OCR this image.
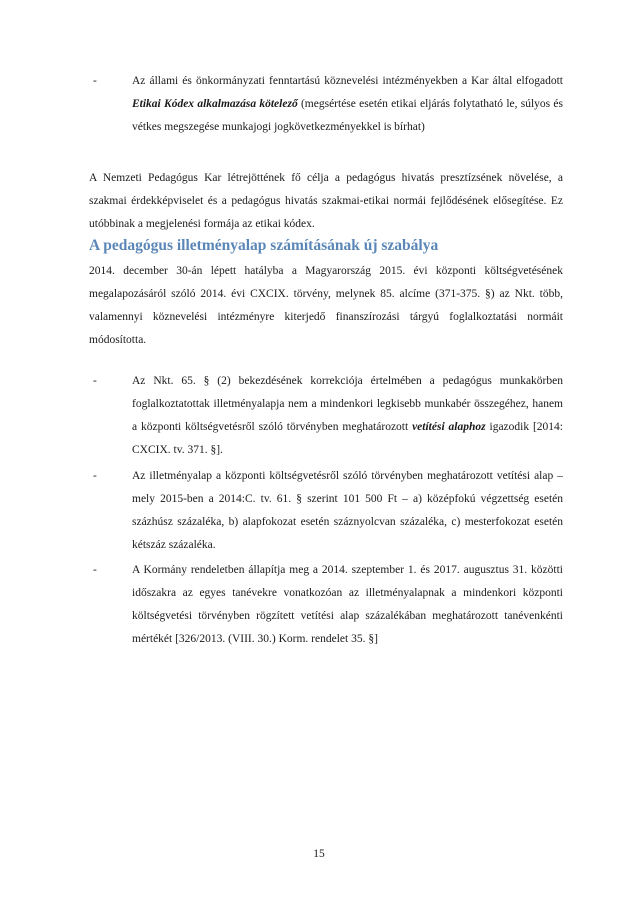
-	Az állami és önkormányzati fenntartású köznevelési intézményekben a Kar által elfogadott Etikai Kódex alkalmazása kötelező (megsértése esetén etikai eljárás folytatható le, súlyos és vétkes megszegése munkajogi jogkövetkezményekkel is bírhat)
A Nemzeti Pedagógus Kar létrejöttének fő célja a pedagógus hivatás presztízsének növelése, a szakmai érdekképviselet és a pedagógus hivatás szakmai-etikai normái fejlődésének elősegítése. Ez utóbbinak a megjelenési formája az etikai kódex.
A pedagógus illetményalap számításának új szabálya
2014. december 30-án lépett hatályba a Magyarország 2015. évi központi költségvetésének megalapozásáról szóló 2014. évi CXCIX. törvény, melynek 85. alcíme (371-375. §) az Nkt. több, valamennyi köznevelési intézményre kiterjedő finanszírozási tárgyú foglalkoztatási normáit módosította.
-	Az Nkt. 65. § (2) bekezdésének korrekciója értelmében a pedagógus munkakörben foglalkoztatottak illetményalapja nem a mindenkori legkisebb munkabér összegéhez, hanem a központi költségvetésről szóló törvényben meghatározott vetítési alaphoz igazodik [2014: CXCIX. tv. 371. §].
-	Az illetményalap a központi költségvetésről szóló törvényben meghatározott vetítési alap – mely 2015-ben a 2014:C. tv. 61. § szerint 101 500 Ft – a) középfokú végzettség esetén százhúsz százaléka, b) alapfokozat esetén száznyolcvan százaléka, c) mesterfokozat esetén kétszáz százaléka.
-	A Kormány rendeletben állapítja meg a 2014. szeptember 1. és 2017. augusztus 31. közötti időszakra az egyes tanévekre vonatkozóan az illetményalapnak a mindenkori központi költségvetési törvényben rögzített vetítési alap százalékában meghatározott tanévenkénti mértékét [326/2013. (VIII. 30.) Korm. rendelet 35. §]
15
